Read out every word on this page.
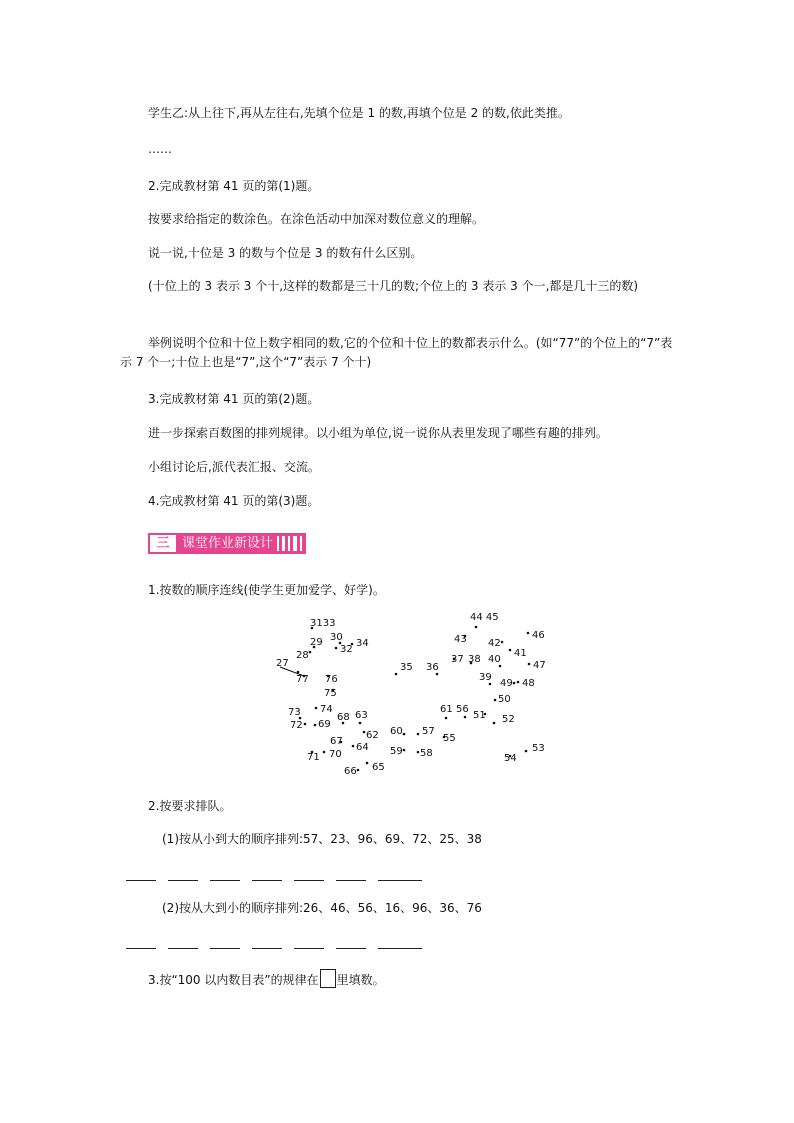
学生乙:从上往下,再从左往右,先填个位是 1 的数,再填个位是 2 的数,依此类推。
……
2.完成教材第 41 页的第(1)题。
按要求给指定的数涂色。在涂色活动中加深对数位意义的理解。
说一说,十位是 3 的数与个位是 3 的数有什么区别。
(十位上的 3 表示 3 个十,这样的数都是三十几的数;个位上的 3 表示 3 个一,都是几十三的数)
举例说明个位和十位上数字相同的数,它的个位和十位上的数都表示什么。(如“77”的个位上的“7”表示 7 个一;十位上也是“7”,这个“7”表示 7 个十)
3.完成教材第 41 页的第(2)题。
进一步探索百数图的排列规律。以小组为单位,说一说你从表里发现了哪些有趣的排列。
小组讨论后,派代表汇报、交流。
4.完成教材第 41 页的第(3)题。
三 课堂作业新设计
1.按数的顺序连线(使学生更加爱学、好学)。
3133
30
29	34
32
28
27
77 76
75
74
73	68 63
72 69
62
67
64
70
71
66 65
35 36
37 38 40
39
49 48
41
47
46
43
44 45
42
50
61 56
51 52
60 57
55
59 58	54
53
2.按要求排队。
(1)按从小到大的顺序排列:57、23、96、69、72、25、38
(2)按从大到小的顺序排列:26、46、56、16、96、36、76
3.按“100 以内数目表”的规律在 里填数。
